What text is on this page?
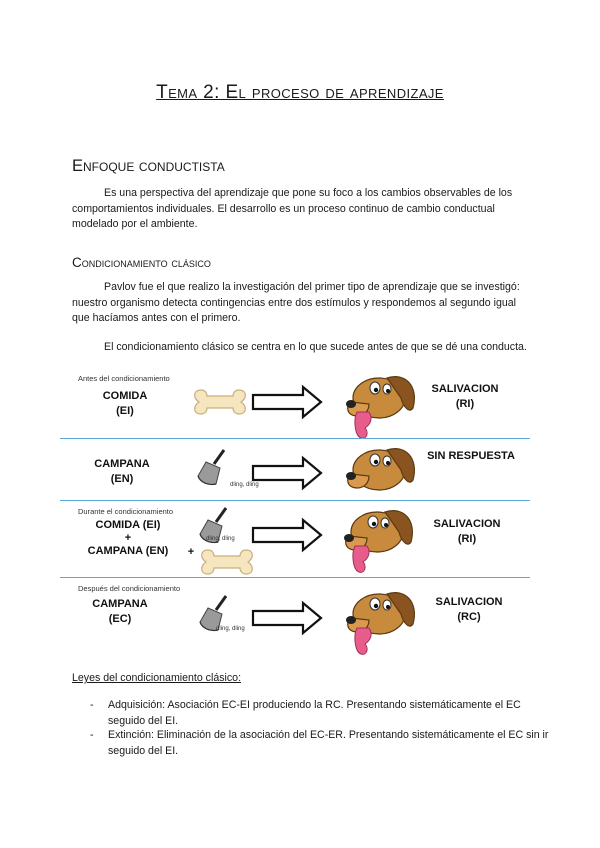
Tema 2: El proceso de aprendizaje
Enfoque conductista
Es una perspectiva del aprendizaje que pone su foco a los cambios observables de los comportamientos individuales. El desarrollo es un proceso continuo de cambio conductual modelado por el ambiente.
Condicionamiento clásico
Pavlov fue el que realizo la investigación del primer tipo de aprendizaje que se investigó: nuestro organismo detecta contingencias entre dos estímulos y respondemos al segundo igual que hacíamos antes con el primero.
El condicionamiento clásico se centra en lo que sucede antes de que se dé una conducta.
Antes del condicionamiento
COMIDA
(EI)
SALIVACION
(RI)
CAMPANA
(EN)
SIN RESPUESTA
dling, dling
Durante el condicionamiento
COMIDA (EI)
+
CAMPANA (EN)
SALIVACION
(RI)
dling, dling
+
Después del condicionamiento
CAMPANA
(EC)
SALIVACION
(RC)
dling, dling
Leyes del condicionamiento clásico:
- Adquisición: Asociación EC-EI produciendo la RC. Presentando sistemáticamente el EC seguido del EI.
- Extinción: Eliminación de la asociación del EC-ER. Presentando sistemáticamente el EC sin ir seguido del EI.
